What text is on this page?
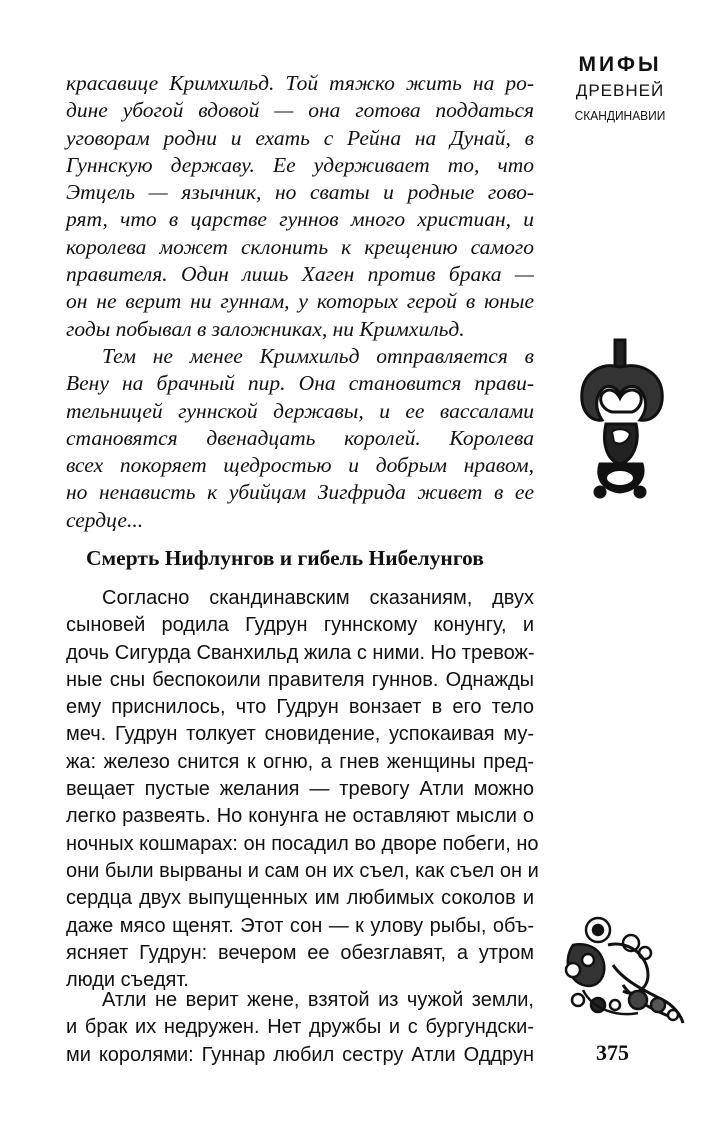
МИФЫ
ДРЕВНЕЙ
СКАНДИНАВИИ
красавице Кримхильд. Той тяжко жить на ро-
дине убогой вдовой — она готова поддаться
уговорам родни и ехать с Рейна на Дунай, в
Гуннскую державу. Ее удерживает то, что
Этцель — язычник, но сваты и родные гово-
рят, что в царстве гуннов много христиан, и
королева может склонить к крещению самого
правителя. Один лишь Хаген против брака —
он не верит ни гуннам, у которых герой в юные
годы побывал в заложниках, ни Кримхильд.
Тем не менее Кримхильд отправляется в
Вену на брачный пир. Она становится прави-
тельницей гуннской державы, и ее вассалами
становятся двенадцать королей. Королева
всех покоряет щедростью и добрым нравом,
но ненависть к убийцам Зигфрида живет в ее
сердце...
Смерть Нифлунгов и гибель Нибелунгов
Согласно скандинавским сказаниям, двух
сыновей родила Гудрун гуннскому конунгу, и
дочь Сигурда Сванхильд жила с ними. Но тревож-
ные сны беспокоили правителя гуннов. Однажды
ему приснилось, что Гудрун вонзает в его тело
меч. Гудрун толкует сновидение, успокаивая му-
жа: железо снится к огню, а гнев женщины пред-
вещает пустые желания — тревогу Атли можно
легко развеять. Но конунга не оставляют мысли о
ночных кошмарах: он посадил во дворе побеги, но
они были вырваны и сам он их съел, как съел он и
сердца двух выпущенных им любимых соколов и
даже мясо щенят. Этот сон — к улову рыбы, объ-
ясняет Гудрун: вечером ее обезглавят, а утром
люди съедят.
Атли не верит жене, взятой из чужой земли,
и брак их недружен. Нет дружбы и с бургундски-
ми королями: Гуннар любил сестру Атли Оддрун	375
